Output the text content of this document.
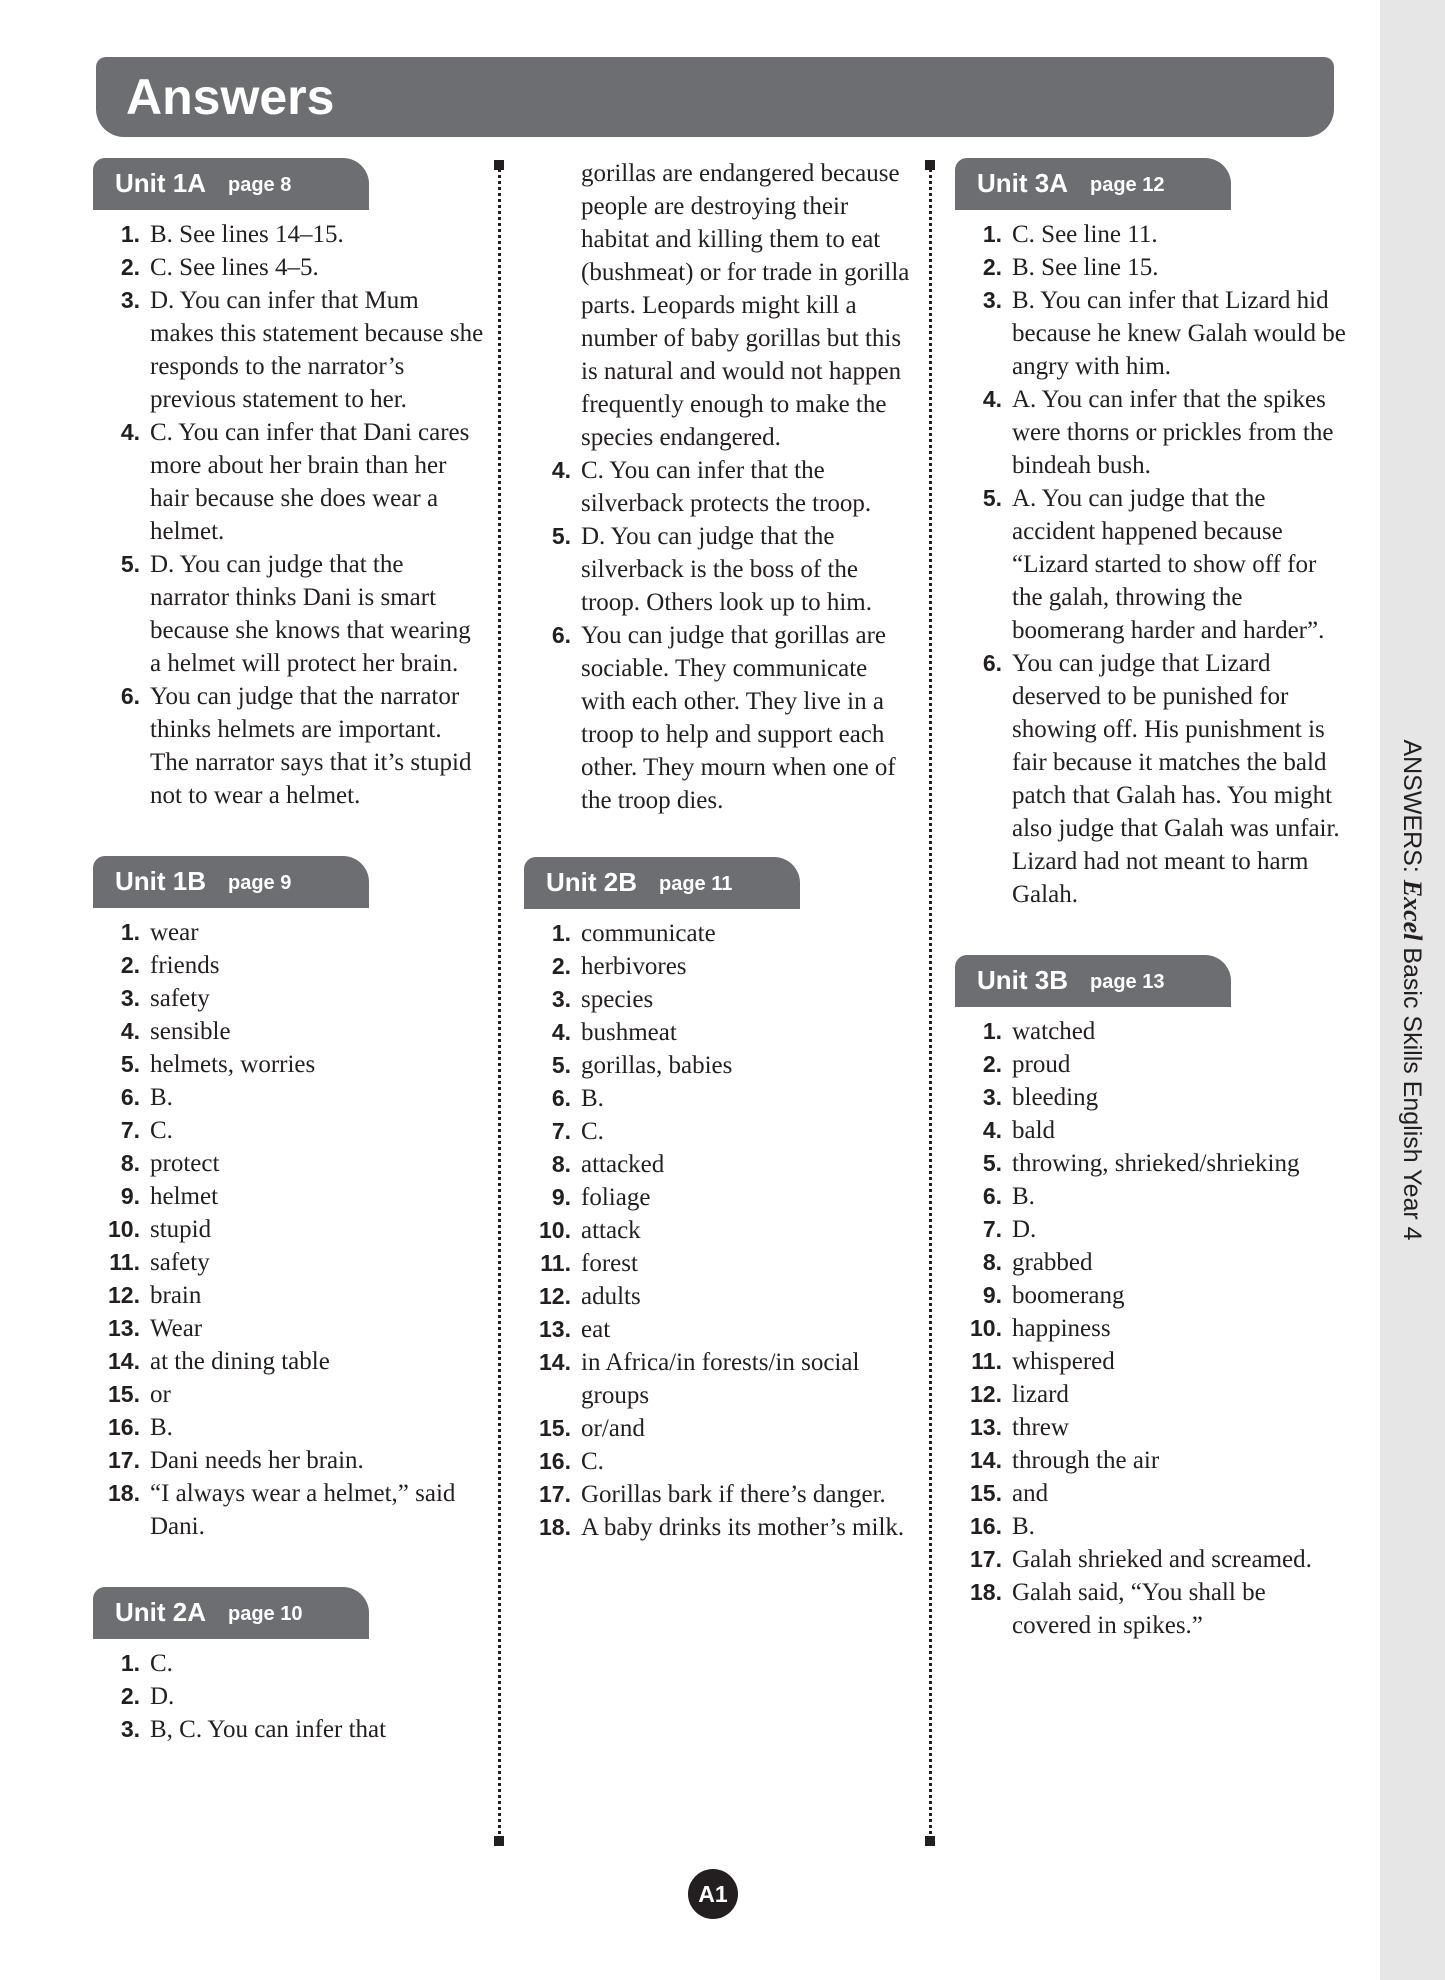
ANSWERS: Excel Basic Skills English Year 4
Answers
Unit 1A page 8
1. B. See lines 14–15.
2. C. See lines 4–5.
3. D. You can infer that Mum makes this statement because she responds to the narrator’s previous statement to her.
4. C. You can infer that Dani cares more about her brain than her hair because she does wear a helmet.
5. D. You can judge that the narrator thinks Dani is smart because she knows that wearing a helmet will protect her brain.
6. You can judge that the narrator thinks helmets are important. The narrator says that it’s stupid not to wear a helmet.
Unit 1B page 9
1. wear
2. friends
3. safety
4. sensible
5. helmets, worries
6. B.
7. C.
8. protect
9. helmet
10. stupid
11. safety
12. brain
13. Wear
14. at the dining table
15. or
16. B.
17. Dani needs her brain.
18. “I always wear a helmet,” said Dani.
Unit 2A page 10
1. C.
2. D.
3. B, C. You can infer that
gorillas are endangered because people are destroying their habitat and killing them to eat (bushmeat) or for trade in gorilla parts. Leopards might kill a number of baby gorillas but this is natural and would not happen frequently enough to make the species endangered.
4. C. You can infer that the silverback protects the troop.
5. D. You can judge that the silverback is the boss of the troop. Others look up to him.
6. You can judge that gorillas are sociable. They communicate with each other. They live in a troop to help and support each other. They mourn when one of the troop dies.
Unit 2B page 11
1. communicate
2. herbivores
3. species
4. bushmeat
5. gorillas, babies
6. B.
7. C.
8. attacked
9. foliage
10. attack
11. forest
12. adults
13. eat
14. in Africa/in forests/in social groups
15. or/and
16. C.
17. Gorillas bark if there’s danger.
18. A baby drinks its mother’s milk.
Unit 3A page 12
1. C. See line 11.
2. B. See line 15.
3. B. You can infer that Lizard hid because he knew Galah would be angry with him.
4. A. You can infer that the spikes were thorns or prickles from the bindeah bush.
5. A. You can judge that the accident happened because “Lizard started to show off for the galah, throwing the boomerang harder and harder”.
6. You can judge that Lizard deserved to be punished for showing off. His punishment is fair because it matches the bald patch that Galah has. You might also judge that Galah was unfair. Lizard had not meant to harm Galah.
Unit 3B page 13
1. watched
2. proud
3. bleeding
4. bald
5. throwing, shrieked/shrieking
6. B.
7. D.
8. grabbed
9. boomerang
10. happiness
11. whispered
12. lizard
13. threw
14. through the air
15. and
16. B.
17. Galah shrieked and screamed.
18. Galah said, “You shall be covered in spikes.”
A1
